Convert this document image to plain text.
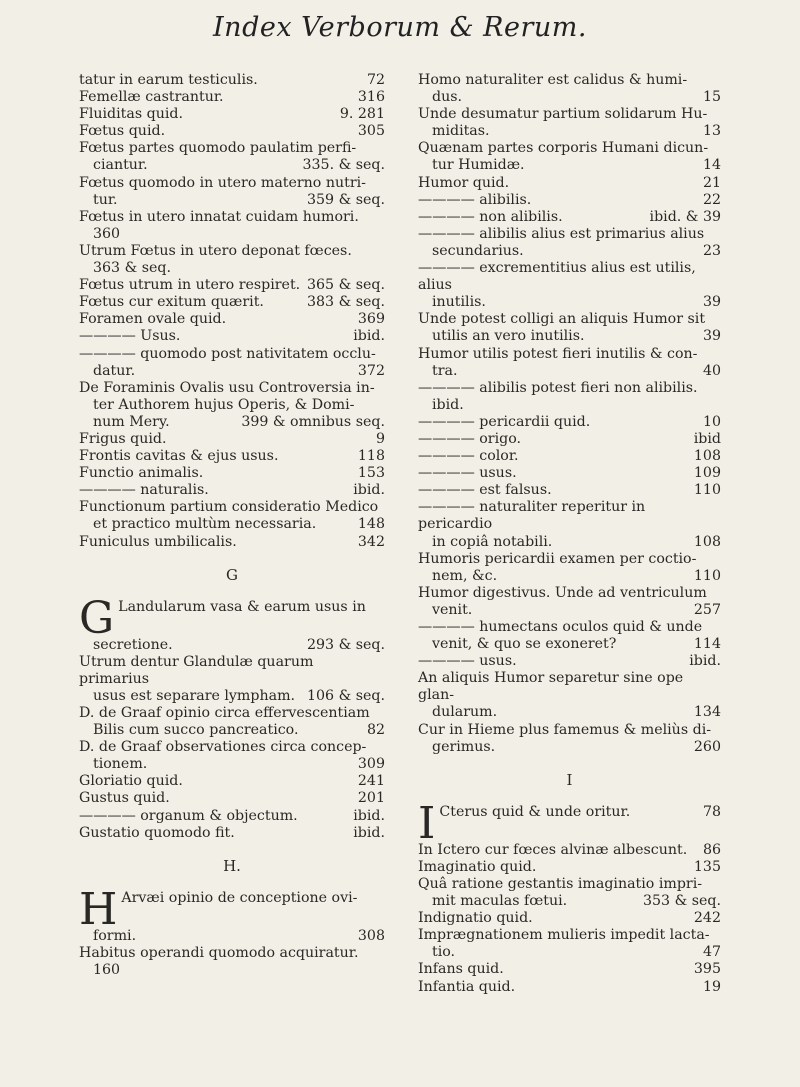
Index Verborum & Rerum.
72
tatur in earum testiculis.
316
Femellæ castrantur.
9. 281
Fluiditas quid.
305
Fœtus quid.
Fœtus partes quomodo paulatim perfi-
335. & seq.
ciantur.
Fœtus quomodo in utero materno nutri-
359 & seq.
tur.
Fœtus in utero innatat cuidam humori.
360
Utrum Fœtus in utero deponat fœces.
363 & seq.
365 & seq.
Fœtus utrum in utero respiret.
383 & seq.
Fœtus cur exitum quærit.
369
Foramen ovale quid.
ibid.
———— Usus.
———— quomodo post nativitatem occlu-
372
datur.
De Foraminis Ovalis usu Controversia in-
ter Authorem hujus Operis, & Domi-
399 & omnibus seq.
num Mery.
9
Frigus quid.
118
Frontis cavitas & ejus usus.
153
Functio animalis.
ibid.
———— naturalis.
Functionum partium consideratio Medico
148
et practico multùm necessaria.
342
Funiculus umbilicalis.
G
G Landularum vasa & earum usus in
293 & seq.
secretione.
Utrum dentur Glandulæ quarum primarius
106 & seq.
usus est separare lympham.
D. de Graaf opinio circa effervescentiam
82
Bilis cum succo pancreatico.
D. de Graaf observationes circa concep-
309
tionem.
241
Gloriatio quid.
201
Gustus quid.
ibid.
———— organum & objectum.
ibid.
Gustatio quomodo fit.
H.
H Arvæi opinio de conceptione ovi-
308
formi.
Habitus operandi quomodo acquiratur.
160
Homo naturaliter est calidus & humi-
15
dus.
Unde desumatur partium solidarum Hu-
13
miditas.
Quænam partes corporis Humani dicun-
14
tur Humidæ.
21
Humor quid.
22
———— alibilis.
ibid. & 39
———— non alibilis.
———— alibilis alius est primarius alius
23
secundarius.
———— excrementitius alius est utilis, alius
39
inutilis.
Unde potest colligi an aliquis Humor sit
39
utilis an vero inutilis.
Humor utilis potest fieri inutilis & con-
40
tra.
———— alibilis potest fieri non alibilis.
ibid.
10
———— pericardii quid.
ibid
———— origo.
108
———— color.
109
———— usus.
110
———— est falsus.
———— naturaliter reperitur in pericardio
108
in copiâ notabili.
Humoris pericardii examen per coctio-
110
nem, &c.
Humor digestivus. Unde ad ventriculum
257
venit.
———— humectans oculos quid & unde
114
venit, & quo se exoneret?
ibid.
———— usus.
An aliquis Humor separetur sine ope glan-
134
dularum.
Cur in Hieme plus famemus & meliùs di-
260
gerimus.
I
I	78
Cterus quid & unde oritur.
86
In Ictero cur fœces alvinæ albescunt.
135
Imaginatio quid.
Quâ ratione gestantis imaginatio impri-
353 & seq.
mit maculas fœtui.
242
Indignatio quid.
Imprægnationem mulieris impedit lacta-
47
tio.
395
Infans quid.
19
Infantia quid.
